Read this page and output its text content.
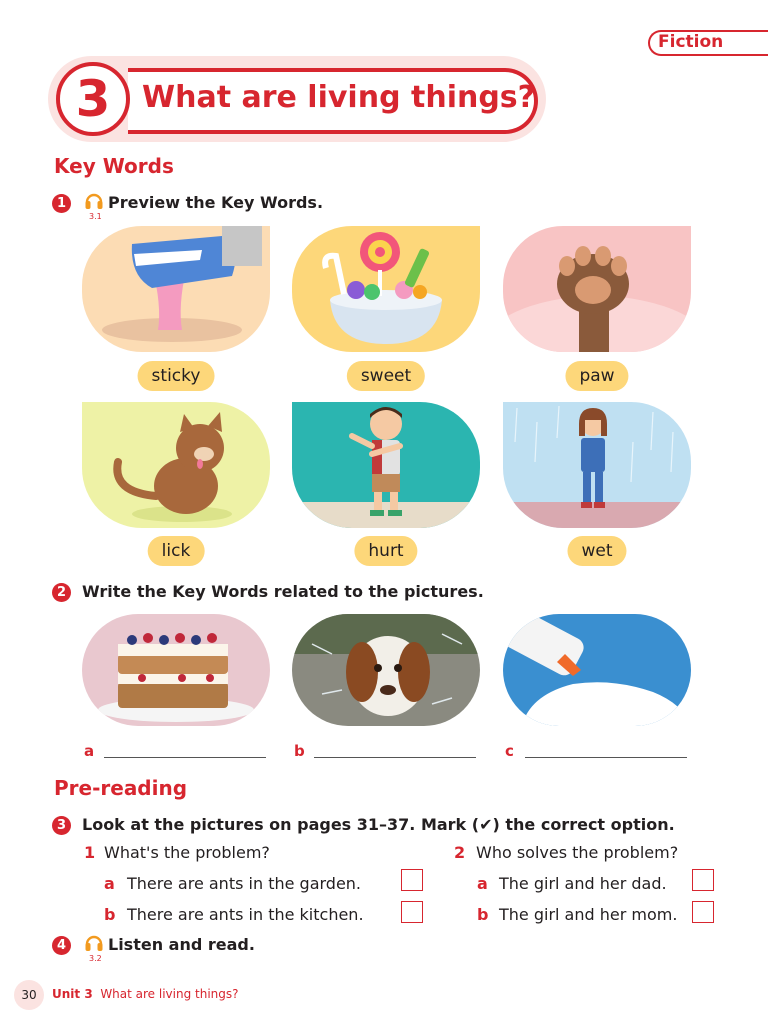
Fiction
3	What are living things?
Key Words
1
3.1
Preview the Key Words.
sticky	sweet	paw
lick	hurt	wet
2 Write the Key Words related to the pictures.
a	b	c
Pre-reading
3 Look at the pictures on pages 31–37. Mark (✔) the correct option.
1 What's the problem?
a There are ants in the garden.
b There are ants in the kitchen.
2 Who solves the problem?
a The girl and her dad.
b The girl and her mom.
4
3.2
Listen and read.
30	Unit 3 What are living things?
